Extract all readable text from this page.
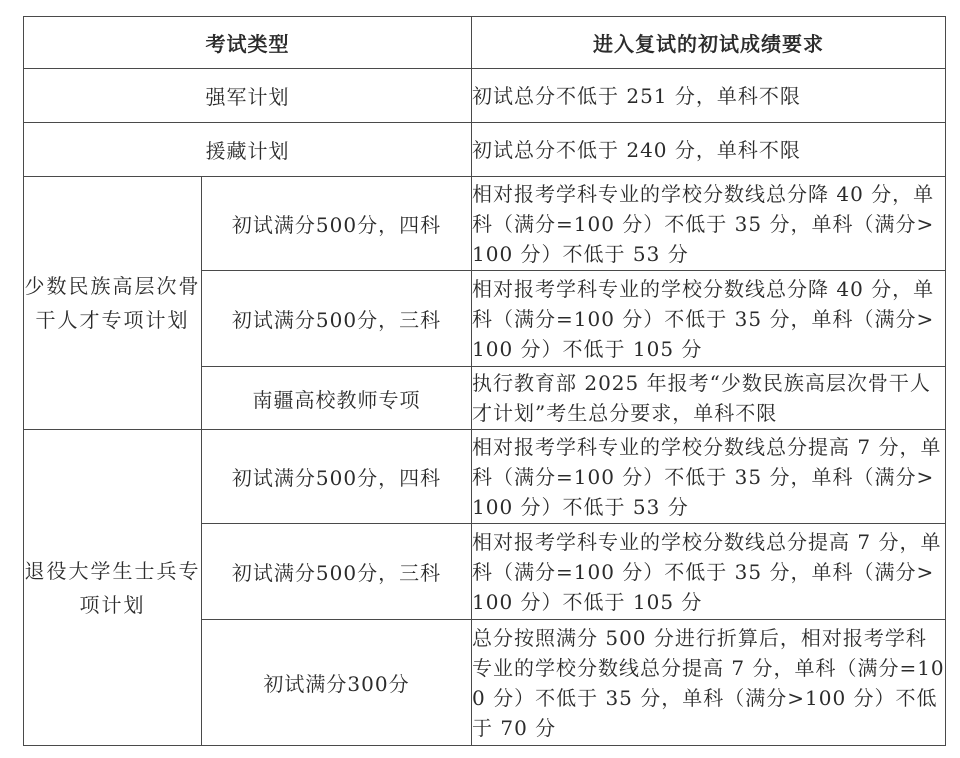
考试类型		进入复试的初试成绩要求
强军计划		初试总分不低于 251 分，单科不限
援藏计划		初试总分不低于 240 分，单科不限
少数民族高层次骨干人才专项计划	初试满分500分，四科	相对报考学科专业的学校分数线总分降 40 分，单科（满分=100 分）不低于 35 分，单科（满分>100 分）不低于 53 分
	初试满分500分，三科	相对报考学科专业的学校分数线总分降 40 分，单科（满分=100 分）不低于 35 分，单科（满分>100 分）不低于 105 分
	南疆高校教师专项	执行教育部 2025 年报考“少数民族高层次骨干人才计划”考生总分要求，单科不限
退役大学生士兵专项计划	初试满分500分，四科	相对报考学科专业的学校分数线总分提高 7 分，单科（满分=100 分）不低于 35 分，单科（满分>100 分）不低于 53 分
	初试满分500分，三科	相对报考学科专业的学校分数线总分提高 7 分，单科（满分=100 分）不低于 35 分，单科（满分>100 分）不低于 105 分
	初试满分300分	总分按照满分 500 分进行折算后，相对报考学科专业的学校分数线总分提高 7 分，单科（满分=100 分）不低于 35 分，单科（满分>100 分）不低于 70 分
